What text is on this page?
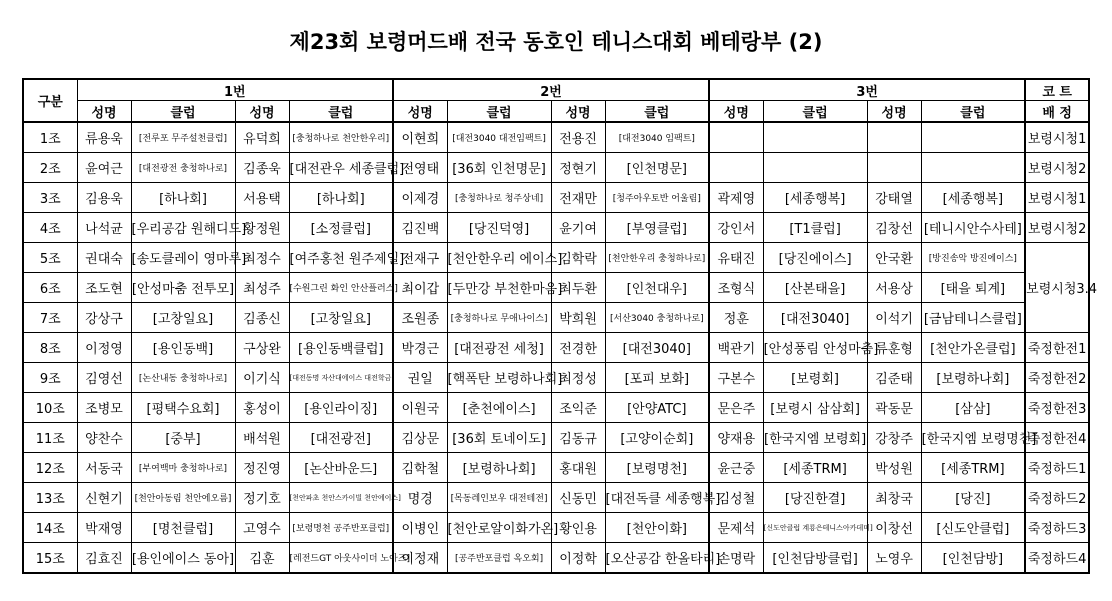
제23회 보령머드배 전국 동호인 테니스대회 베테랑부 (2)
구분	1번				2번				3번				코 트
	성명	클럽	성명	클럽	성명	클럽	성명	클럽	성명	클럽	성명	클럽	배 정
1조	류용욱	[전루포 무주설천클럽]	유덕희	[충청하나로 천안한우리]	이현희	[대전3040 대전임팩트]	전용진	[대전3040 임팩트]					보령시청1
2조	윤여근	[대전광전 충청하나로]	김종욱	[대전관우 세종클럽]	전영태	[36회 인천명문]	정현기	[인천명문]					보령시청2
3조	김용욱	[하나회]	서용택	[하나회]	이제경	[충청하나로 청주상네]	전재만	[청주아우토반 어울림]	곽제영	[세종행복]	강태열	[세종행복]	보령시청1
4조	나석균	[우리공감 원해디드]	황정원	[소정클럽]	김진백	[당진덕영]	윤기여	[부영클럽]	강인서	[T1클럽]	김창선	[테니시안수사테]	보령시청2
5조	권대숙	[송도클레이 영마루]	최정수	[여주홍천 원주제일]	전재구	[천안한우리 에이스]	김학락	[천안한우리 충청하나로]	유태진	[당진에이스]	안국환	[방진송악 방진에이스]	보령시청3.4
6조	조도현	[안성마춤 전투모]	최성주	[수원그린 화인 안산플러스]	최이갑	[두만강 부천한마음]	최두환	[인천대우]	조형식	[산본태을]	서용상	[태을 퇴계]	
7조	강상구	[고창일요]	김종신	[고창일요]	조원종	[충청하나로 무애나이스]	박희원	[서산3040 충청하나로]	정훈	[대전3040]	이석기	[금남테니스클럽]	
8조	이정영	[용인동백]	구상완	[용인동백클럽]	박경근	[대전광전 세청]	전경한	[대전3040]	백관기	[안성풍림 안성마춤]	류훈형	[천안가온클럽]	죽정한전1
9조	김영선	[논산내동 충청하나로]	이기식	[대전동명 자산대에이스 대전학금]	권일	[핵폭탄 보령하나회]	최정성	[포피 보화]	구본수	[보령회]	김준태	[보령하나회]	죽정한전2
10조	조병모	[평택수요회]	홍성이	[용인라이징]	이원국	[춘천에이스]	조익준	[안양ATC]	문은주	[보령시 삼삼회]	곽동문	[삼삼]	죽정한전3
11조	양찬수	[중부]	배석원	[대전광전]	김상문	[36회 토네이도]	김동규	[고양이순회]	양재용	[한국지엠 보령회]	강창주	[한국지엠 보령명천]	죽정한전4
12조	서동국	[부여백마 충청하나로]	정진영	[논산바운드]	김학철	[보령하나회]	홍대원	[보령명천]	윤근중	[세종TRM]	박성원	[세종TRM]	죽정하드1
13조	신현기	[천안아동림 천안에오름]	정기호	[천안파초 천안스카이빌 천안에이스]	명경	[목동레인보우 대전테전]	신동민	[대전독클 세종행복]	김성철	[당진한결]	최창국	[당진]	죽정하드2
14조	박재영	[명천클럽]	고영수	[보령명천 공주반포클럽]	이병인	[천안로알이화가온]	황인용	[천안이화]	문제석	[신도안클럽 계룡은테니스아카데미]	이창선	[신도안클럽]	죽정하드3
15조	김효진	[용인에이스 동아]	김훈	[레전드GT 아웃사이더 노아즈]	이정재	[공주반포클럽 옥오회]	이정학	[오산공감 한올타리]	손명락	[인천담방클럽]	노영우	[인천담방]	죽정하드4
